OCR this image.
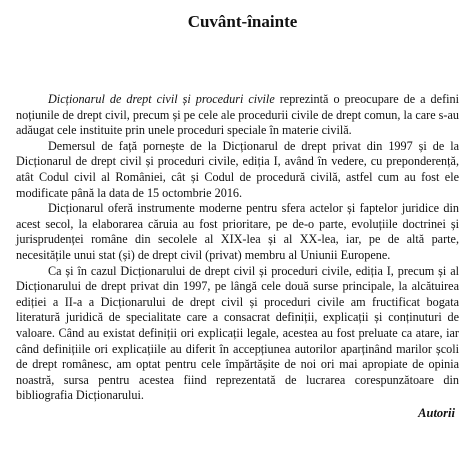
Cuvânt-înainte

Dicționarul de drept civil și proceduri civile reprezintă o preocupare de a defini noțiunile de drept civil, precum și pe cele ale procedurii civile de drept comun, la care s-au adăugat cele instituite prin unele proceduri speciale în materie civilă.

Demersul de față pornește de la Dicționarul de drept privat din 1997 și de la Dicționarul de drept civil și proceduri civile, ediția I, având în vedere, cu preponderență, atât Codul civil al României, cât și Codul de procedură civilă, astfel cum au fost ele modificate până la data de 15 octombrie 2016.

Dicționarul oferă instrumente moderne pentru sfera actelor și faptelor juridice din acest secol, la elaborarea căruia au fost prioritare, pe de-o parte, evoluțiile doctrinei și jurisprudenței române din secolele al XIX-lea și al XX-lea, iar, pe de altă parte, necesitățile unui stat (și) de drept civil (privat) membru al Uniunii Europene.

Ca și în cazul Dicționarului de drept civil și proceduri civile, ediția I, precum și al Dicționarului de drept privat din 1997, pe lângă cele două surse principale, la alcătuirea ediției a II-a a Dicționarului de drept civil și proceduri civile am fructificat bogata literatură juridică de specialitate care a consacrat definiții, explicații și conținuturi de valoare. Când au existat definiții ori explicații legale, acestea au fost preluate ca atare, iar când definițiile ori explicațiile au diferit în accepțiunea autorilor aparținând marilor școli de drept românesc, am optat pentru cele împărtășite de noi ori mai apropiate de opinia noastră, sursa pentru acestea fiind reprezentată de lucrarea corespunzătoare din bibliografia Dicționarului.

Autorii
